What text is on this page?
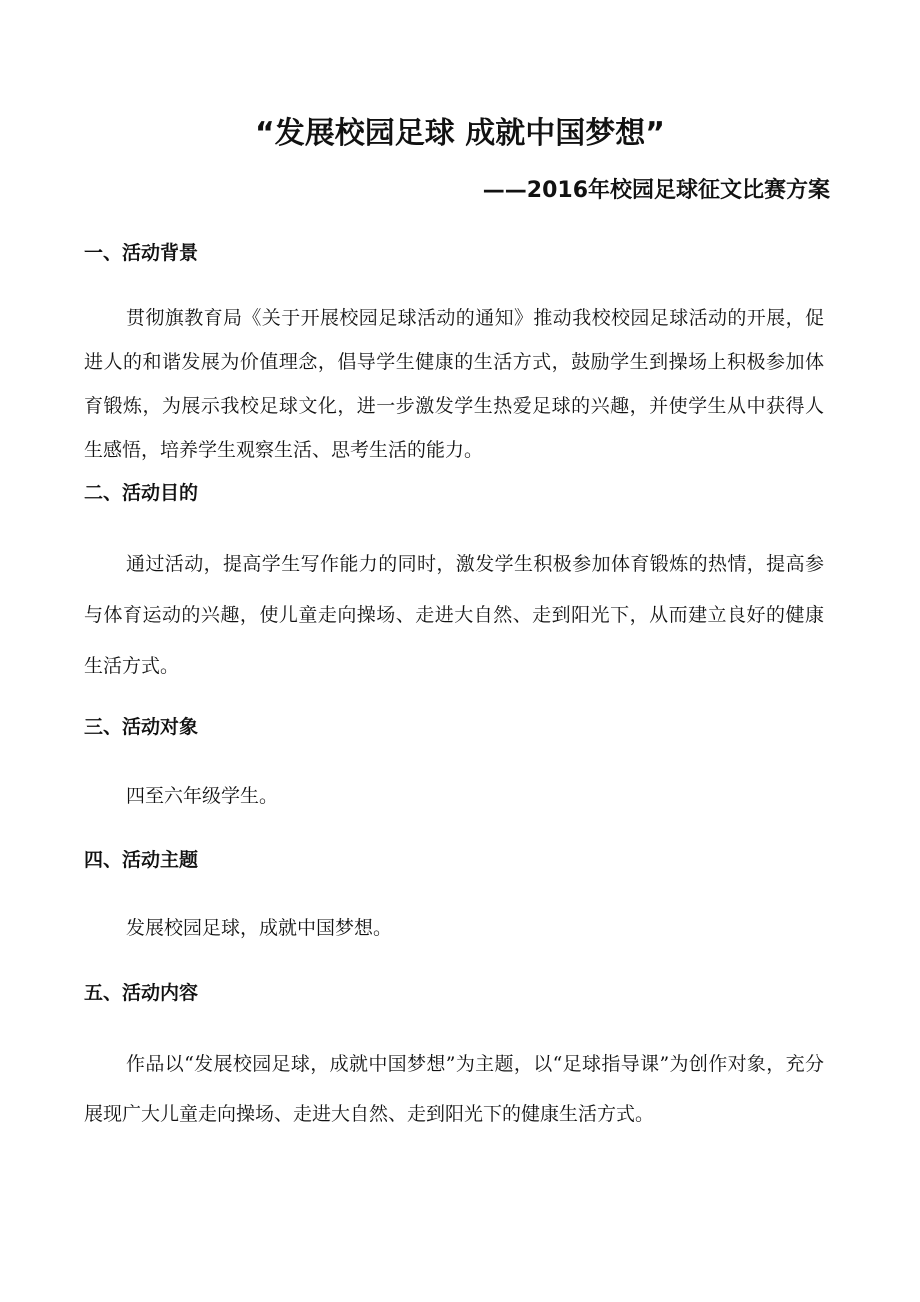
“发展校园足球 成就中国梦想”
——2016年校园足球征文比赛方案
一、活动背景

贯彻旗教育局《关于开展校园足球活动的通知》推动我校校园足球活动的开展，促进人的和谐发展为价值理念，倡导学生健康的生活方式，鼓励学生到操场上积极参加体育锻炼，为展示我校足球文化，进一步激发学生热爱足球的兴趣，并使学生从中获得人生感悟，培养学生观察生活、思考生活的能力。

二、活动目的

通过活动，提高学生写作能力的同时，激发学生积极参加体育锻炼的热情，提高参与体育运动的兴趣，使儿童走向操场、走进大自然、走到阳光下，从而建立良好的健康生活方式。

三、活动对象

四至六年级学生。

四、活动主题

发展校园足球，成就中国梦想。

五、活动内容

作品以“发展校园足球，成就中国梦想”为主题，以“足球指导课”为创作对象，充分展现广大儿童走向操场、走进大自然、走到阳光下的健康生活方式。
